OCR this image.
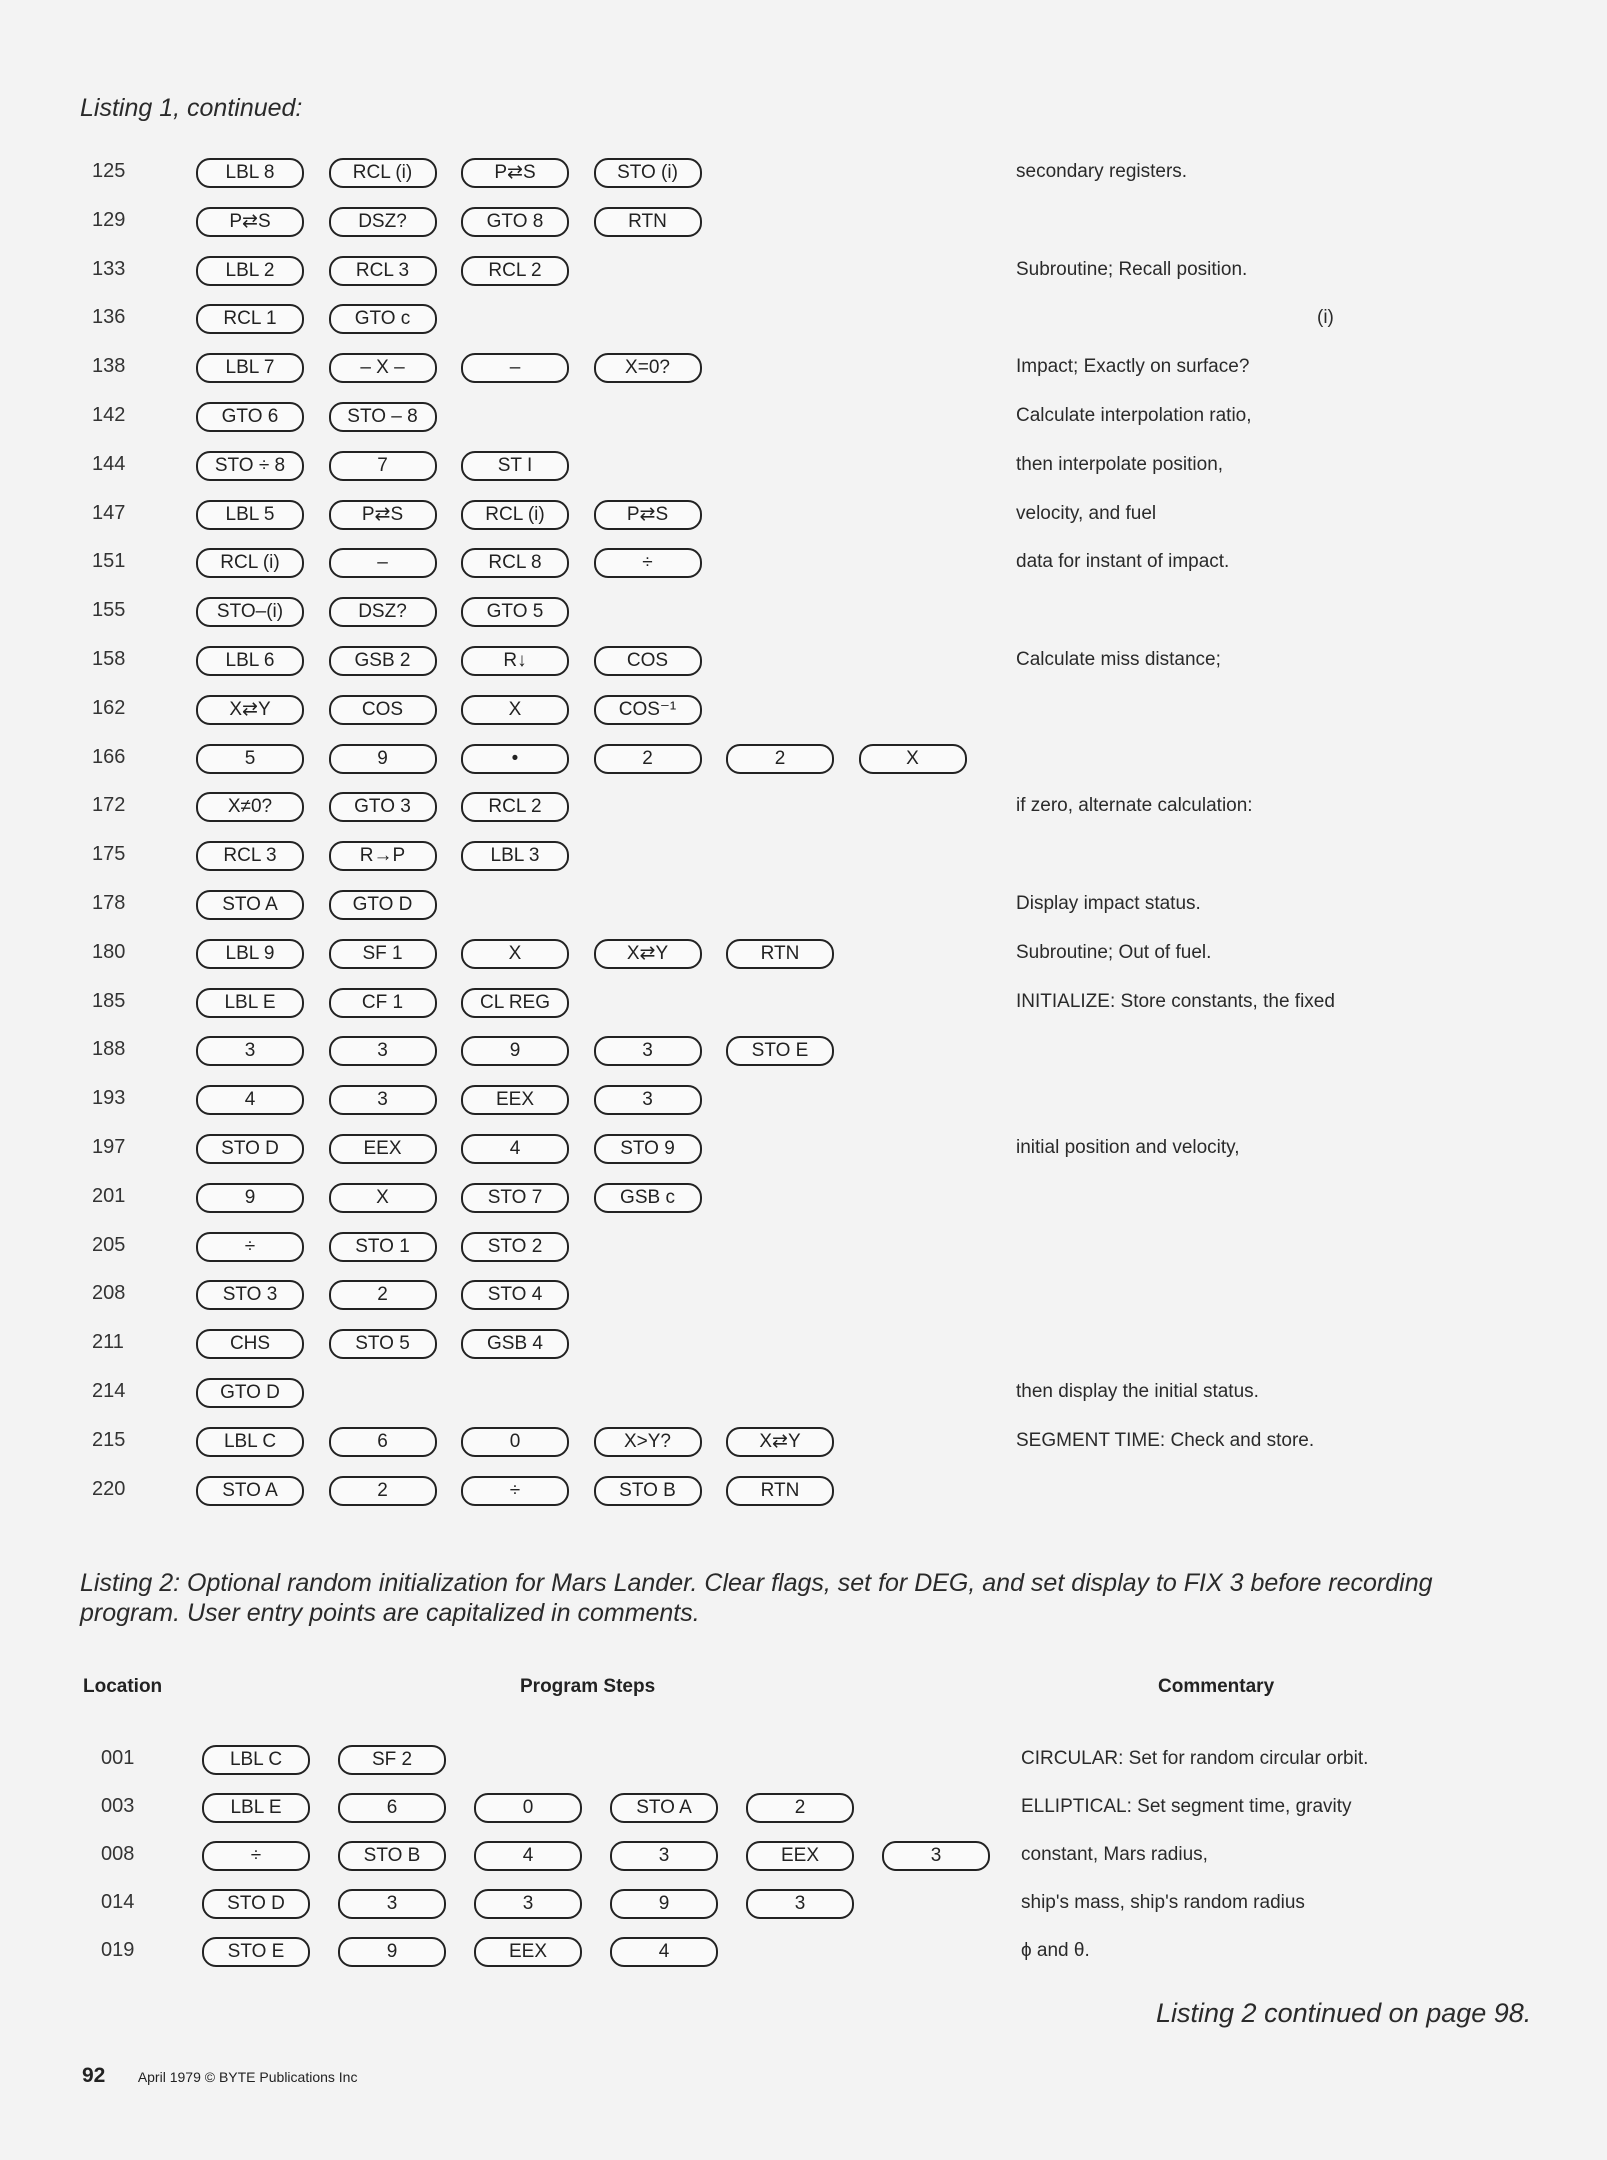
Listing 1, continued:
125	LBL 8	RCL (i)	P⇄S	STO (i)	secondary registers.
129	P⇄S	DSZ?	GTO 8	RTN
133	LBL 2	RCL 3	RCL 2	Subroutine; Recall position.
136	RCL 1	GTO c	(i)
138	LBL 7	– X –	–	X=0?	Impact; Exactly on surface?
142	GTO 6	STO – 8	Calculate interpolation ratio,
144	STO ÷ 8	7	ST I	then interpolate position,
147	LBL 5	P⇄S	RCL (i)	P⇄S	velocity, and fuel
151	RCL (i)	–	RCL 8	÷	data for instant of impact.
155	STO–(i)	DSZ?	GTO 5
158	LBL 6	GSB 2	R↓	COS	Calculate miss distance;
162	X⇄Y	COS	X	COS⁻¹
166	5	9	•	2	2	X
172	X≠0?	GTO 3	RCL 2	if zero, alternate calculation:
175	RCL 3	R→P	LBL 3
178	STO A	GTO D	Display impact status.
180	LBL 9	SF 1	X	X⇄Y	RTN	Subroutine; Out of fuel.
185	LBL E	CF 1	CL REG	INITIALIZE: Store constants, the fixed
188	3	3	9	3	STO E
193	4	3	EEX	3
197	STO D	EEX	4	STO 9	initial position and velocity,
201	9	X	STO 7	GSB c
205	÷	STO 1	STO 2
208	STO 3	2	STO 4
211	CHS	STO 5	GSB 4
214	GTO D	then display the initial status.
215	LBL C	6	0	X>Y?	X⇄Y	SEGMENT TIME: Check and store.
220	STO A	2	÷	STO B	RTN
Listing 2: Optional random initialization for Mars Lander. Clear flags, set for DEG, and set display to FIX 3 before recording
program. User entry points are capitalized in comments.
Location	Program Steps	Commentary
001	LBL C	SF 2	CIRCULAR: Set for random circular orbit.
003	LBL E	6	0	STO A	2	ELLIPTICAL: Set segment time, gravity
008	÷	STO B	4	3	EEX	3	constant, Mars radius,
014	STO D	3	3	9	3	ship's mass, ship's random radius
019	STO E	9	EEX	4	ϕ and θ.
Listing 2 continued on page 98.
92 April 1979 © BYTE Publications Inc
